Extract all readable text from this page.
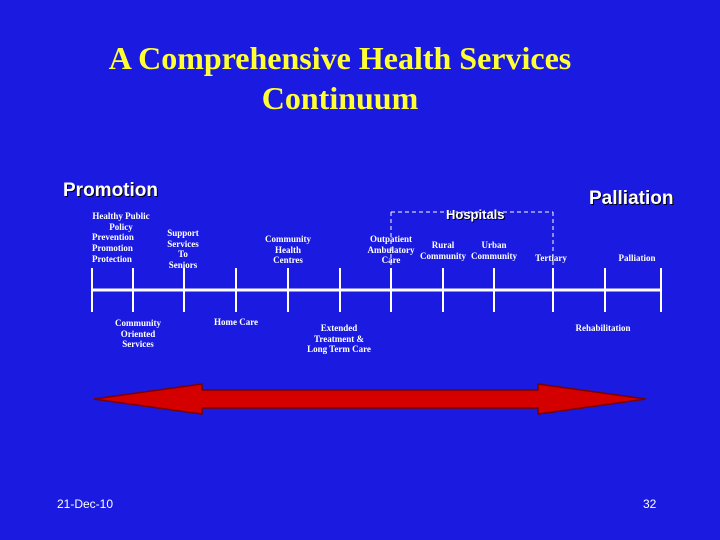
A Comprehensive Health Services
Continuum
Promotion	Palliation
Hospitals
Healthy Public
Policy
Prevention
Promotion
Protection
Support
Services
To
Seniors
Community
Health
Centres
Outpatient
Ambulatory
Care
Rural
Community
Urban
Community	Tertiary	Palliation
Community
Oriented
Services
Home Care
Extended
Treatment &
Long Term Care
Rehabilitation
21-Dec-10	32
